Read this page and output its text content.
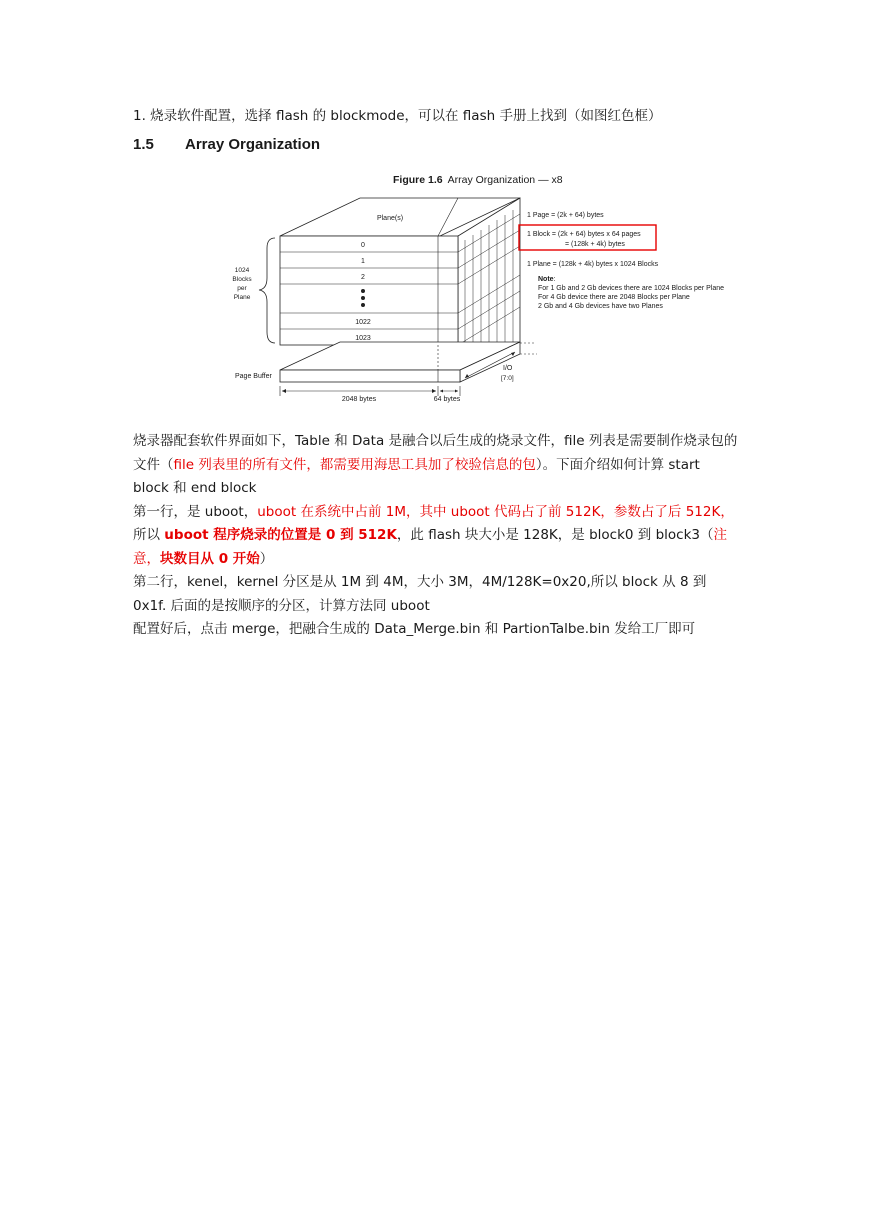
1. 烧录软件配置，选择 flash 的 blockmode，可以在 flash 手册上找到（如图红色框）
1.5 Array Organization
Figure 1.6 Array Organization — x8
0
1
2
1022
1023
Plane(s)
1024
Blocks
per
Plane
Page Buffer
2048 bytes	64 bytes
I/O
[7:0]
1 Page = (2k + 64) bytes
1 Block = (2k + 64) bytes x 64 pages
= (128k + 4k) bytes
1 Plane = (128k + 4k) bytes x 1024 Blocks
Note:
For 1 Gb and 2 Gb devices there are 1024 Blocks per Plane
For 4 Gb device there are 2048 Blocks per Plane
2 Gb and 4 Gb devices have two Planes

烧录器配套软件界面如下，Table 和 Data 是融合以后生成的烧录文件，file 列表是需要制作烧录包的文件（file 列表里的所有文件，都需要用海思工具加了校验信息的包）。下面介绍如何计算 start block 和 end block

第一行，是 uboot，uboot 在系统中占前 1M，其中 uboot 代码占了前 512K，参数占了后 512K，所以 uboot 程序烧录的位置是 0 到 512K，此 flash 块大小是 128K，是 block0 到 block3（注意，块数目从 0 开始）

第二行，kenel，kernel 分区是从 1M 到 4M，大小 3M，4M/128K=0x20,所以 block 从 8 到 0x1f. 后面的是按顺序的分区，计算方法同 uboot

配置好后，点击 merge，把融合生成的 Data_Merge.bin 和 PartionTalbe.bin 发给工厂即可
